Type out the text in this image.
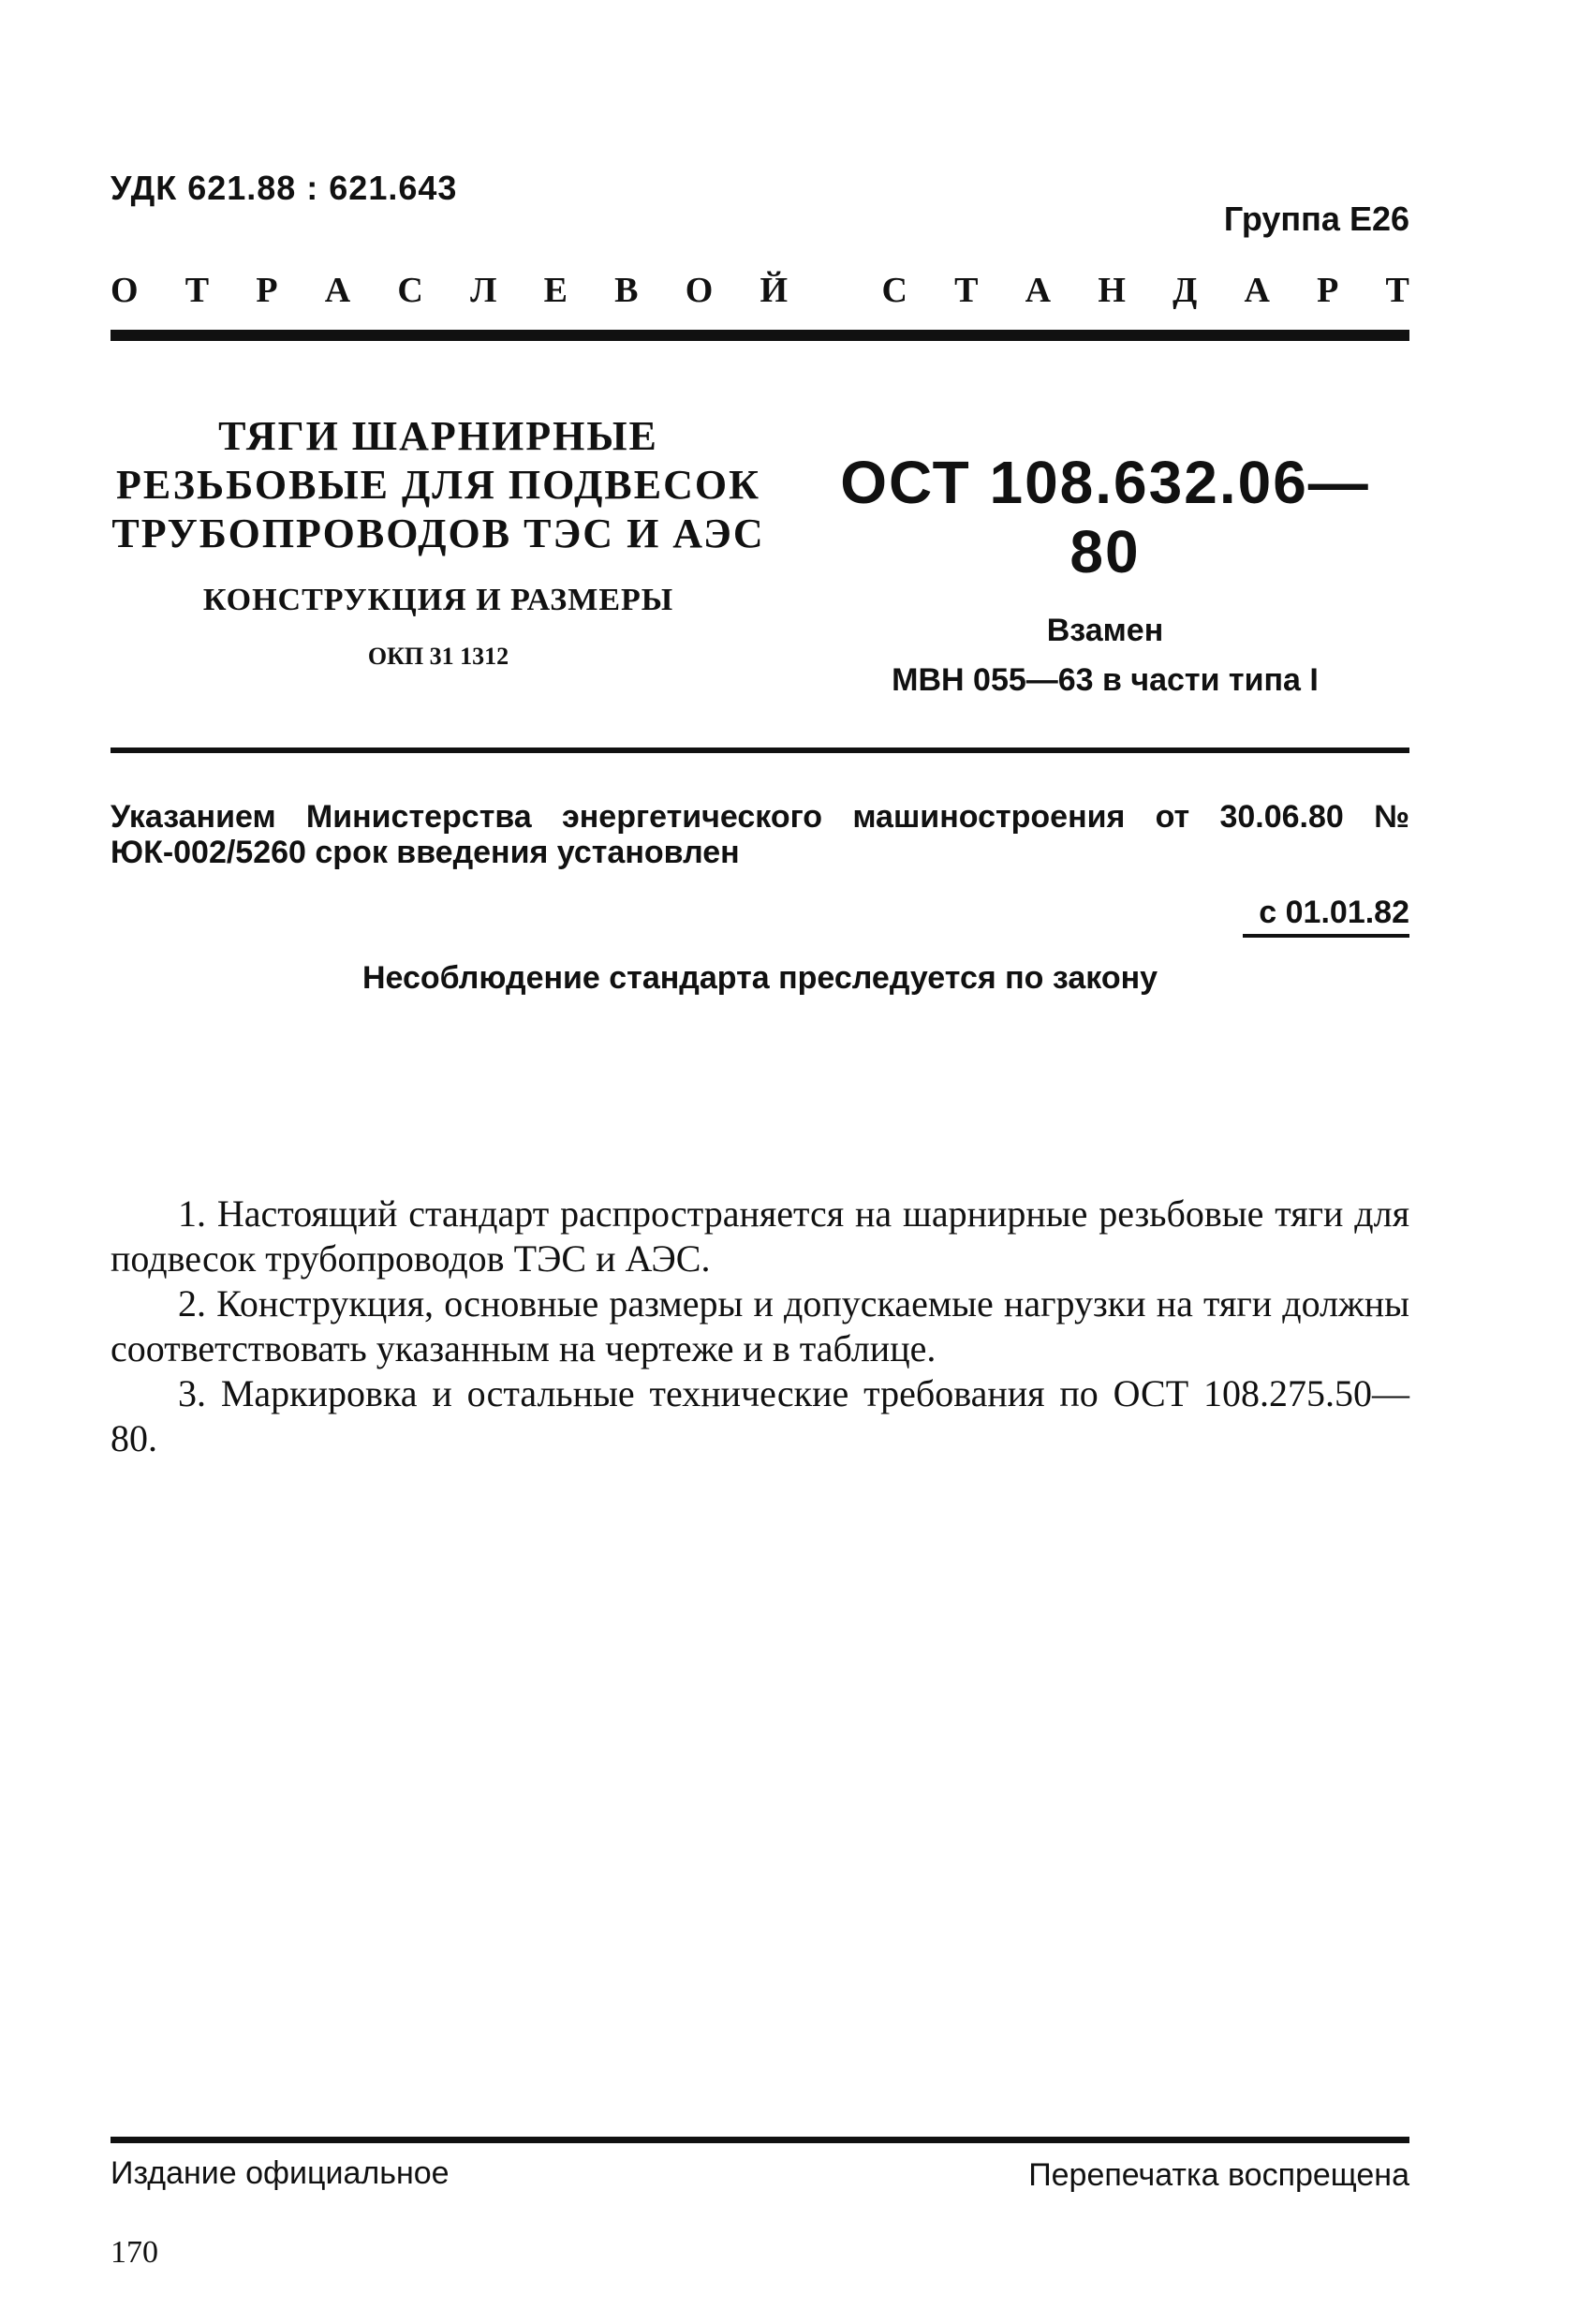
УДК 621.88 : 621.643
Группа Е26
О Т Р А С Л Е В О Й	С Т А Н Д А Р Т
ТЯГИ ШАРНИРНЫЕ
РЕЗЬБОВЫЕ ДЛЯ ПОДВЕСОК
ТРУБОПРОВОДОВ ТЭС И АЭС
КОНСТРУКЦИЯ И РАЗМЕРЫ
ОКП 31 1312
ОСТ 108.632.06—80
Взамен
МВН 055—63 в части типа I
Указанием Министерства энергетического машиностроения от 30.06.80 № ЮК-002/5260 срок введения установлен
с 01.01.82
Несоблюдение стандарта преследуется по закону

1. Настоящий стандарт распространяется на шарнирные резьбовые тяги для подвесок трубопроводов ТЭС и АЭС.

2. Конструкция, основные размеры и допускаемые нагрузки на тяги должны соответствовать указанным на чертеже и в таблице.

3. Маркировка и остальные технические требования по ОСТ 108.275.50—80.

Издание официальное	Перепечатка воспрещена
170
